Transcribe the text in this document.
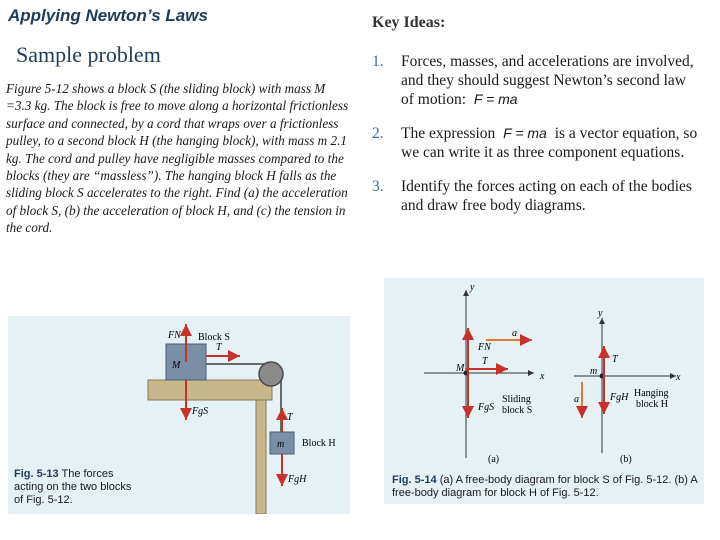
Applying Newton’s Laws
Sample problem
Figure 5-12 shows a block S (the sliding block) with mass M =3.3 kg. The block is free to move along a horizontal frictionless surface and connected, by a cord that wraps over a frictionless pulley, to a second block H (the hanging block), with mass m 2.1 kg. The cord and pulley have negligible masses compared to the blocks (they are “massless”). The hanging block H falls as the sliding block S accelerates to the right. Find (a) the acceleration of block S, (b) the acceleration of block H, and (c) the tension in the cord.
Key Ideas:
1. Forces, masses, and accelerations are involved, and they should suggest Newton’s second law of motion: F = ma
2. The expression F = ma is a vector equation, so we can write it as three component equations.
3. Identify the forces acting on each of the bodies and draw free body diagrams.
M
m
FN
T
FgS
T
FgH
Block S
Block H
Fig. 5-13 The forces acting on the two blocks of Fig. 5-12.
y
x
M
FN
T
a
FgS
Sliding
block S
y
x
m
T
a	FgH Hanging
block H
(a)	(b)
Fig. 5-14 (a) A free-body diagram for block S of Fig. 5-12. (b) A free-body diagram for block H of Fig. 5-12.
